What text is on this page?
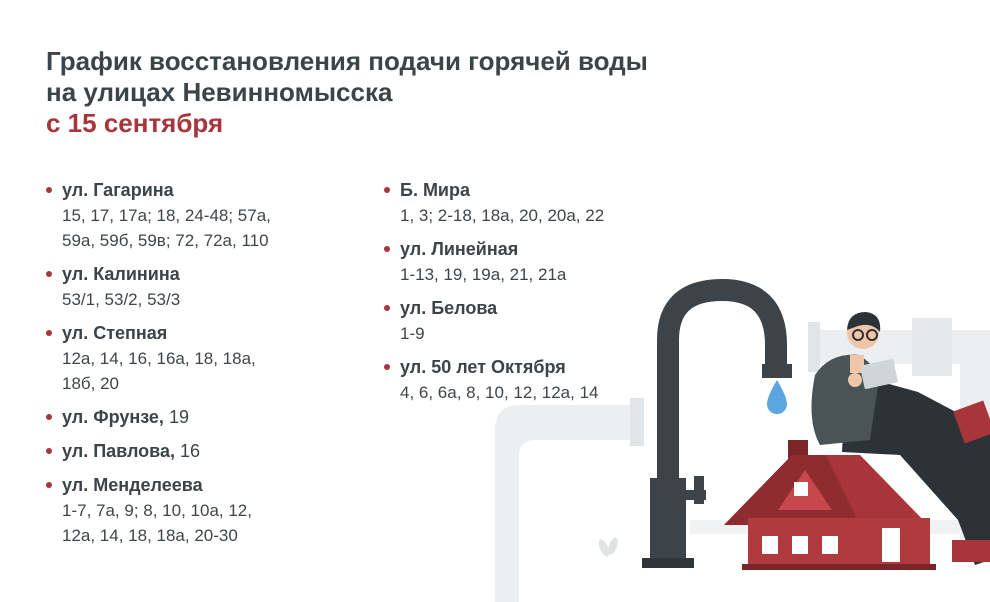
График восстановления подачи горячей воды
на улицах Невинномысска
с 15 сентября
ул. Гагарина
15, 17, 17а; 18, 24-48; 57а,
59а, 59б, 59в; 72, 72а, 110
ул. Калинина
53/1, 53/2, 53/3
ул. Степная
12а, 14, 16, 16а, 18, 18а,
18б, 20
ул. Фрунзе, 19
ул. Павлова, 16
ул. Менделеева
1-7, 7а, 9; 8, 10, 10а, 12,
12а, 14, 18, 18а, 20-30
Б. Мира
1, 3; 2-18, 18а, 20, 20а, 22
ул. Линейная
1-13, 19, 19а, 21, 21а
ул. Белова
1-9
ул. 50 лет Октября
4, 6, 6а, 8, 10, 12, 12а, 14
